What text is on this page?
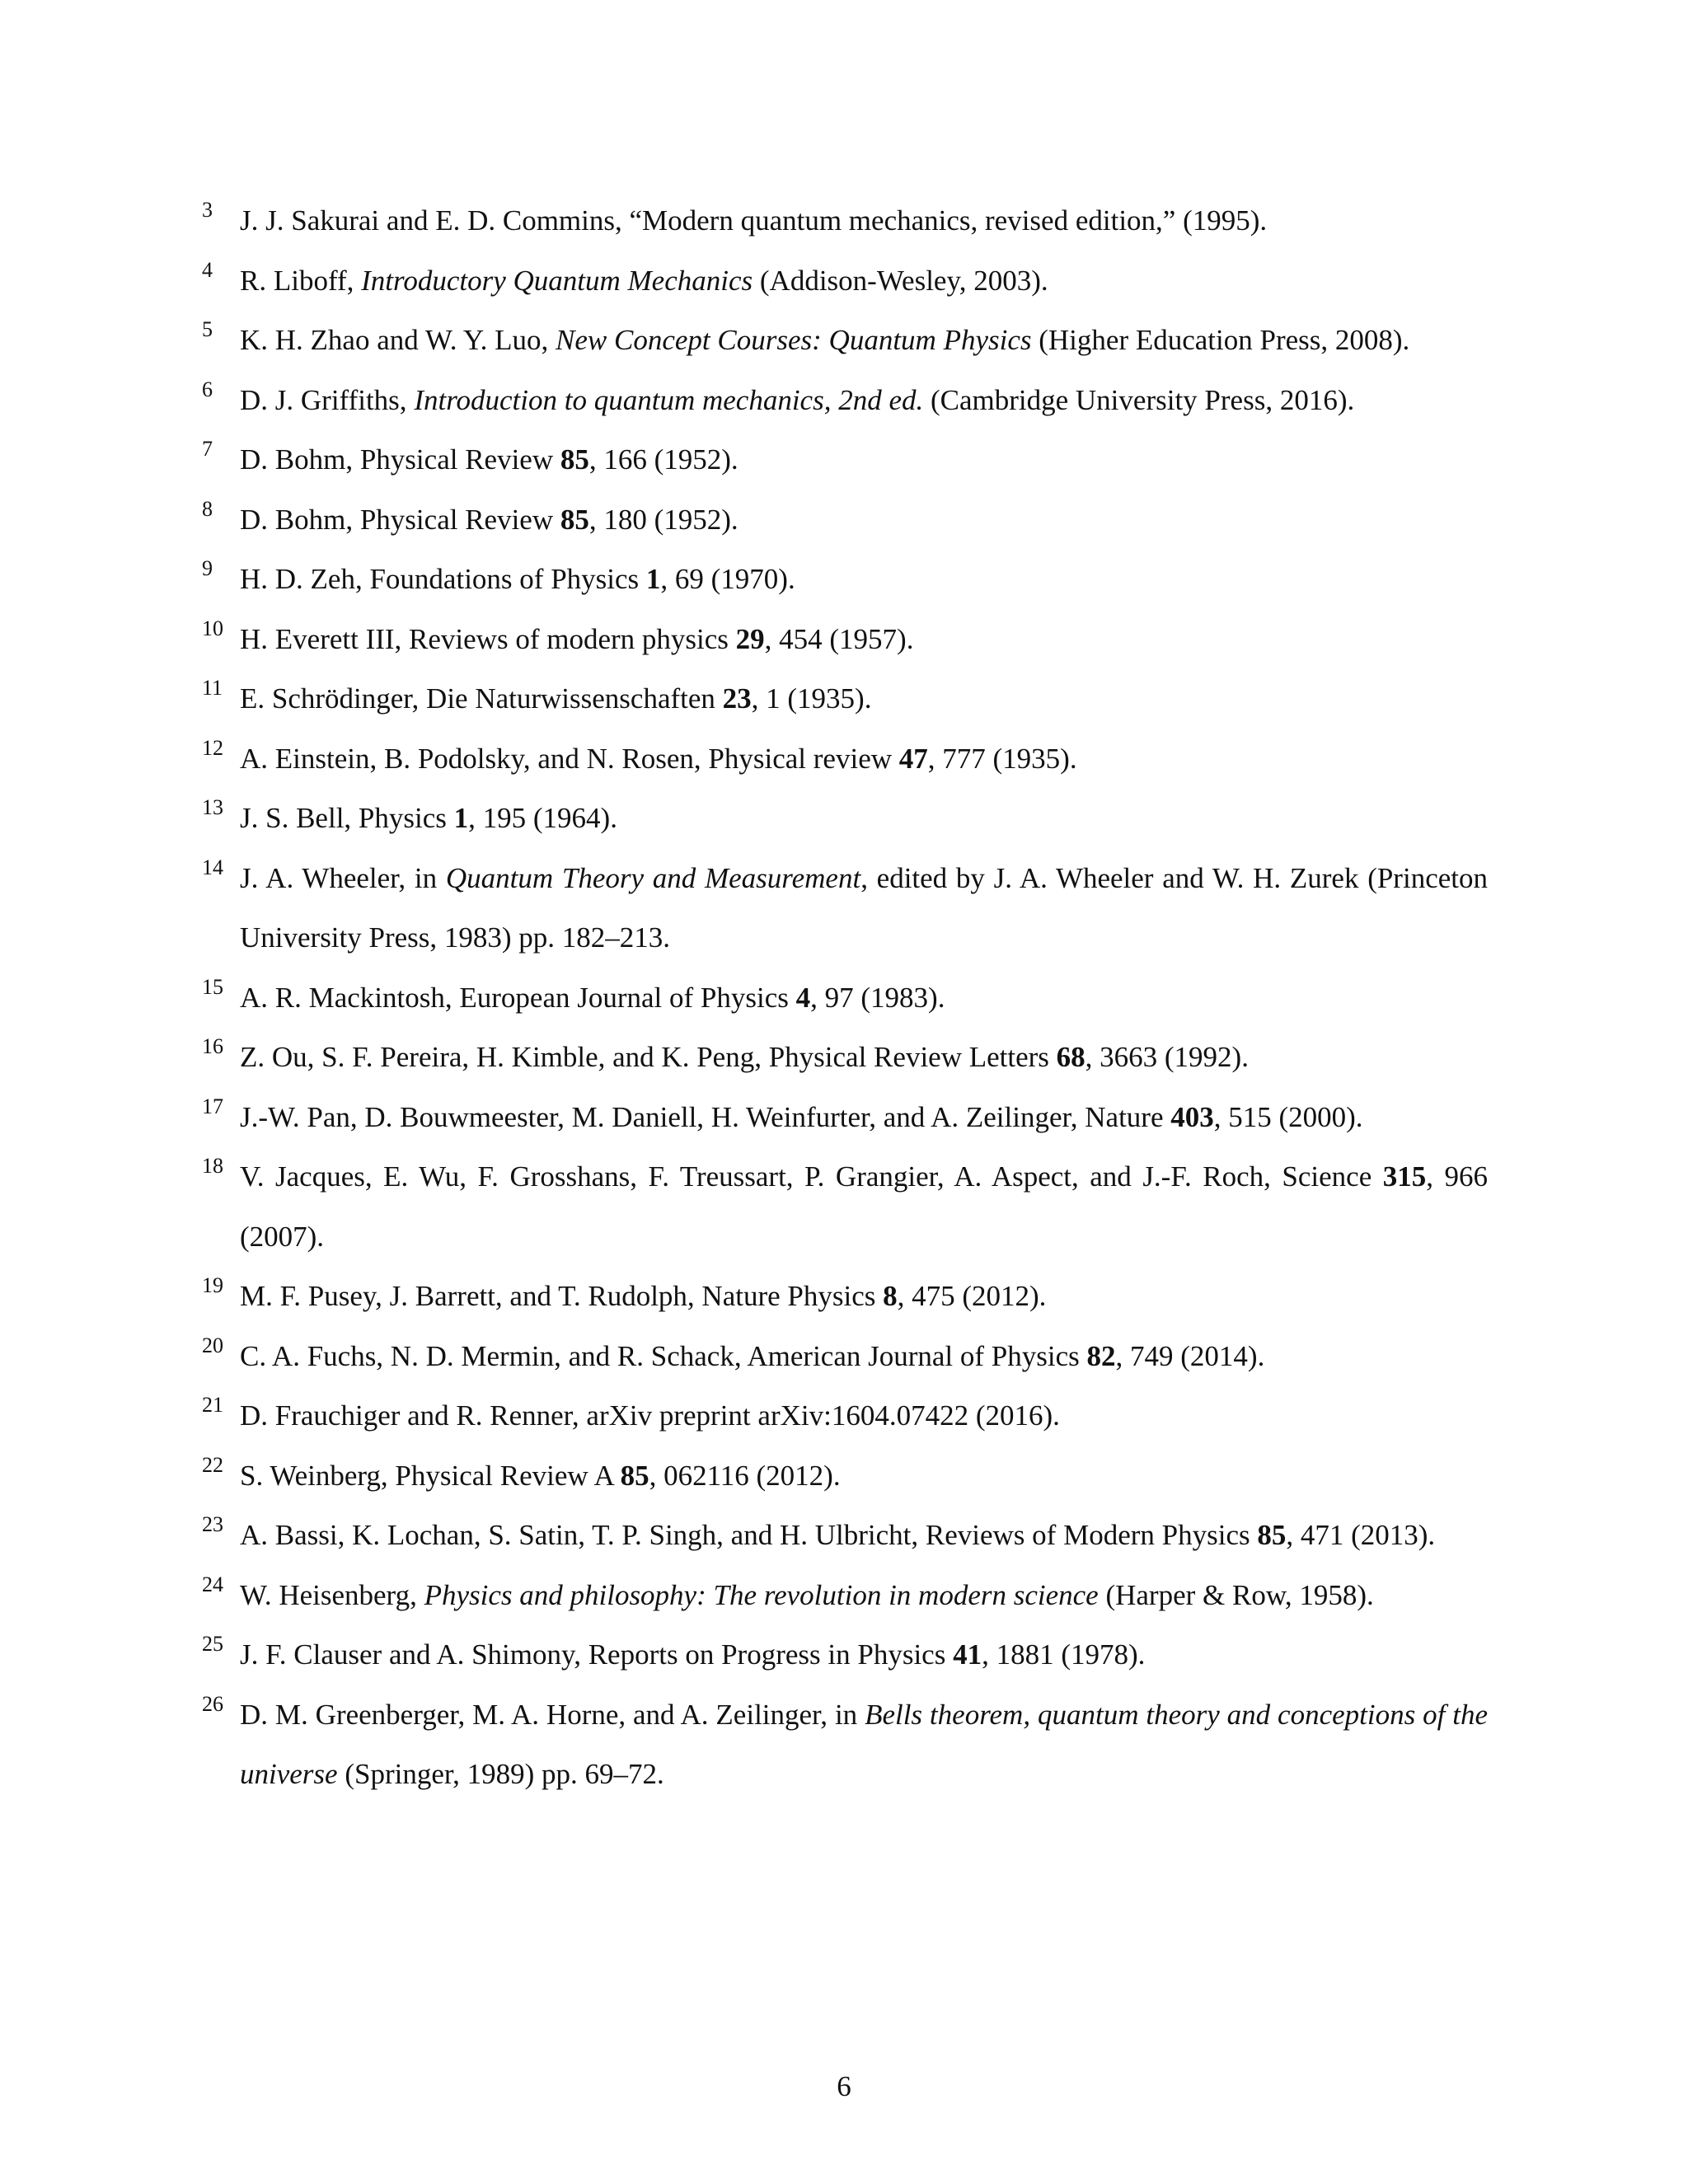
3 J. J. Sakurai and E. D. Commins, “Modern quantum mechanics, revised edition,” (1995).
4 R. Liboff, Introductory Quantum Mechanics (Addison-Wesley, 2003).
5 K. H. Zhao and W. Y. Luo, New Concept Courses: Quantum Physics (Higher Education Press, 2008).
6 D. J. Griffiths, Introduction to quantum mechanics, 2nd ed. (Cambridge University Press, 2016).
7 D. Bohm, Physical Review 85, 166 (1952).
8 D. Bohm, Physical Review 85, 180 (1952).
9 H. D. Zeh, Foundations of Physics 1, 69 (1970).
10 H. Everett III, Reviews of modern physics 29, 454 (1957).
11 E. Schrödinger, Die Naturwissenschaften 23, 1 (1935).
12 A. Einstein, B. Podolsky, and N. Rosen, Physical review 47, 777 (1935).
13 J. S. Bell, Physics 1, 195 (1964).
14 J. A. Wheeler, in Quantum Theory and Measurement, edited by J. A. Wheeler and W. H. Zurek (Princeton University Press, 1983) pp. 182–213.
15 A. R. Mackintosh, European Journal of Physics 4, 97 (1983).
16 Z. Ou, S. F. Pereira, H. Kimble, and K. Peng, Physical Review Letters 68, 3663 (1992).
17 J.-W. Pan, D. Bouwmeester, M. Daniell, H. Weinfurter, and A. Zeilinger, Nature 403, 515 (2000).
18 V. Jacques, E. Wu, F. Grosshans, F. Treussart, P. Grangier, A. Aspect, and J.-F. Roch, Science 315, 966 (2007).
19 M. F. Pusey, J. Barrett, and T. Rudolph, Nature Physics 8, 475 (2012).
20 C. A. Fuchs, N. D. Mermin, and R. Schack, American Journal of Physics 82, 749 (2014).
21 D. Frauchiger and R. Renner, arXiv preprint arXiv:1604.07422 (2016).
22 S. Weinberg, Physical Review A 85, 062116 (2012).
23 A. Bassi, K. Lochan, S. Satin, T. P. Singh, and H. Ulbricht, Reviews of Modern Physics 85, 471 (2013).
24 W. Heisenberg, Physics and philosophy: The revolution in modern science (Harper & Row, 1958).
25 J. F. Clauser and A. Shimony, Reports on Progress in Physics 41, 1881 (1978).
26 D. M. Greenberger, M. A. Horne, and A. Zeilinger, in Bells theorem, quantum theory and conceptions of the universe (Springer, 1989) pp. 69–72.
6
